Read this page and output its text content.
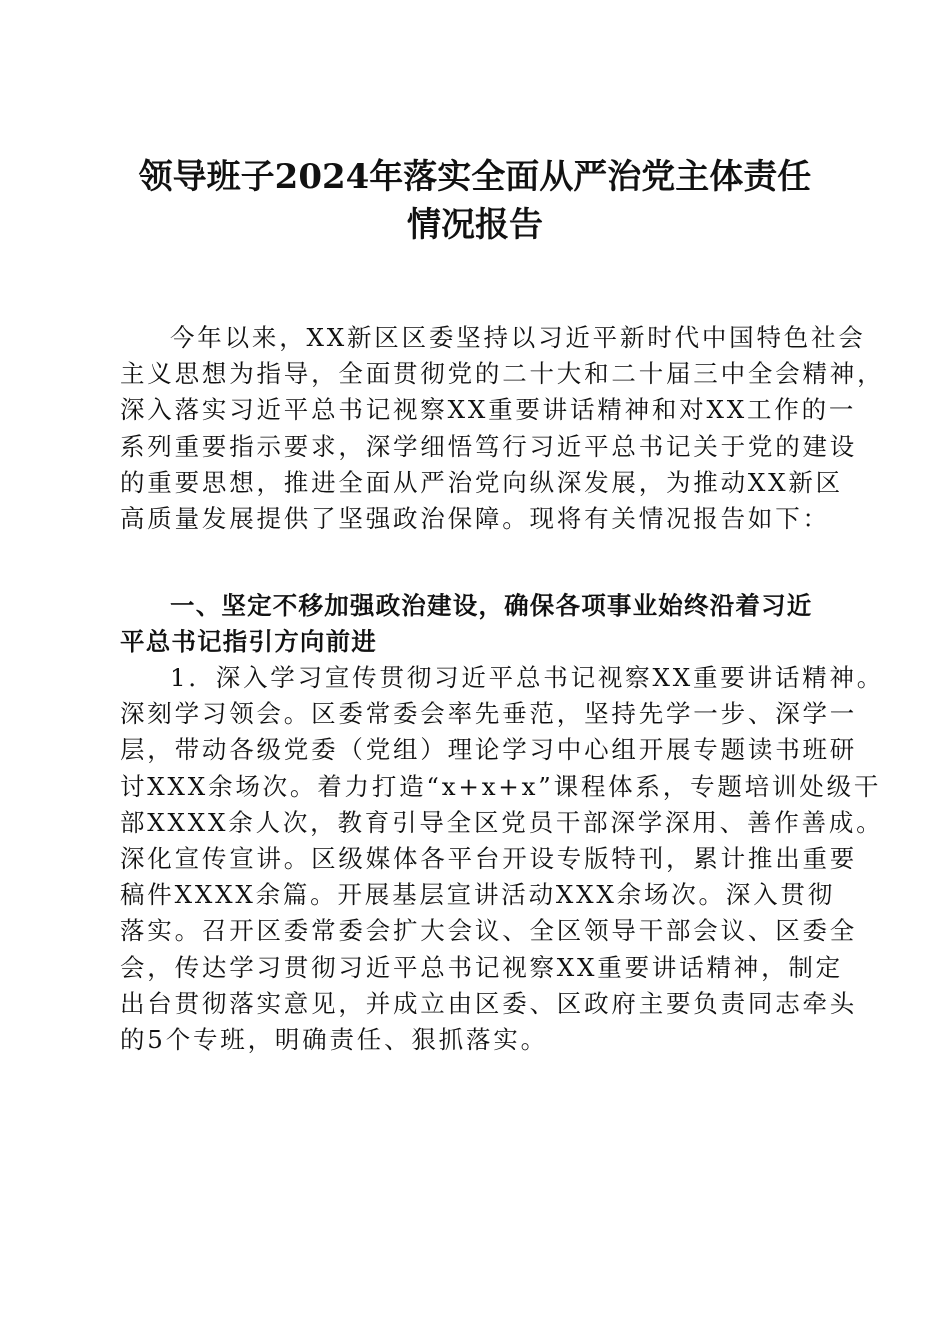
领导班子2024年落实全面从严治党主体责任
情况报告
今年以来，XX新区区委坚持以习近平新时代中国特色社会
主义思想为指导，全面贯彻党的二十大和二十届三中全会精神，
深入落实习近平总书记视察XX重要讲话精神和对XX工作的一
系列重要指示要求，深学细悟笃行习近平总书记关于党的建设
的重要思想，推进全面从严治党向纵深发展，为推动XX新区
高质量发展提供了坚强政治保障。现将有关情况报告如下：
一、坚定不移加强政治建设，确保各项事业始终沿着习近
平总书记指引方向前进
1．深入学习宣传贯彻习近平总书记视察XX重要讲话精神。
深刻学习领会。区委常委会率先垂范，坚持先学一步、深学一
层，带动各级党委（党组）理论学习中心组开展专题读书班研
讨XXX余场次。着力打造“x+x+x”课程体系，专题培训处级干
部XXXX余人次，教育引导全区党员干部深学深用、善作善成。
深化宣传宣讲。区级媒体各平台开设专版特刊，累计推出重要
稿件XXXX余篇。开展基层宣讲活动XXX余场次。深入贯彻
落实。召开区委常委会扩大会议、全区领导干部会议、区委全
会，传达学习贯彻习近平总书记视察XX重要讲话精神，制定
出台贯彻落实意见，并成立由区委、区政府主要负责同志牵头
的5个专班，明确责任、狠抓落实。
